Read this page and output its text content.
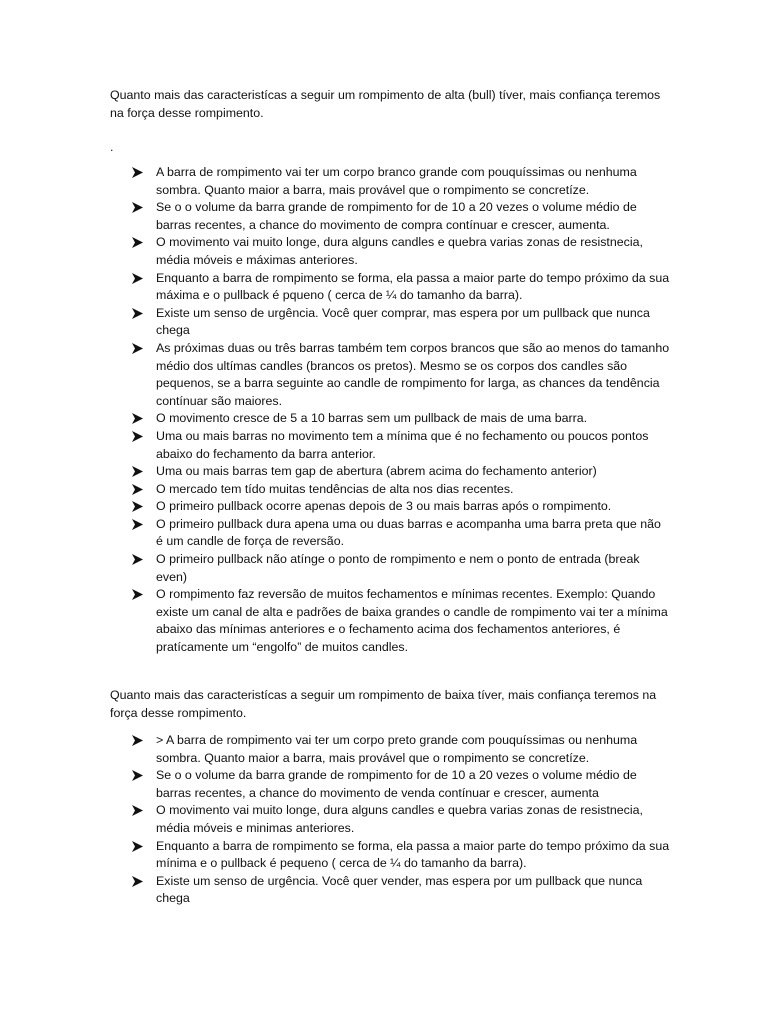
Quanto mais das caracteristícas a seguir um rompimento de alta (bull) tíver, mais confiança teremos na força desse rompimento.

.
A barra de rompimento vai ter um corpo branco grande com pouquíssimas ou nenhuma sombra. Quanto maior a barra, mais provável que o rompimento se concretíze.
Se o o volume da barra grande de rompimento for de 10 a 20 vezes o volume médio de barras recentes, a chance do movimento de compra contínuar e crescer, aumenta.
O movimento vai muito longe, dura alguns candles e quebra varias zonas de resistnecia, média móveis e máximas anteriores.
Enquanto a barra de rompimento se forma, ela passa a maior parte do tempo próximo da sua máxima e o pullback é pqueno ( cerca de ¼ do tamanho da barra).
Existe um senso de urgência. Você quer comprar, mas espera por um pullback que nunca chega
As próximas duas ou três barras também tem corpos brancos que são ao menos do tamanho médio dos ultímas candles (brancos os pretos). Mesmo se os corpos dos candles são pequenos, se a barra seguinte ao candle de rompimento for larga, as chances da tendência contínuar são maiores.
O movimento cresce de 5 a 10 barras sem um pullback de mais de uma barra.
Uma ou mais barras no movimento tem a mínima que é no fechamento ou poucos pontos abaixo do fechamento da barra anterior.
Uma ou mais barras tem gap de abertura (abrem acima do fechamento anterior)
O mercado tem tído muitas tendências de alta nos dias recentes.
O primeiro pullback ocorre apenas depois de 3 ou mais barras após o rompimento.
O primeiro pullback dura apena uma ou duas barras e acompanha uma barra preta que não é um candle de força de reversão.
O primeiro pullback não atínge o ponto de rompimento e nem o ponto de entrada (break even)
O rompimento faz reversão de muitos fechamentos e mínimas recentes. Exemplo: Quando existe um canal de alta e padrões de baixa grandes o candle de rompimento vai ter a mínima abaixo das mínimas anteriores e o fechamento acima dos fechamentos anteriores, é pratícamente um “engolfo” de muitos candles.

Quanto mais das caracteristícas a seguir um rompimento de baixa tíver, mais confiança teremos na força desse rompimento.

> A barra de rompimento vai ter um corpo preto grande com pouquíssimas ou nenhuma sombra. Quanto maior a barra, mais provável que o rompimento se concretíze.
Se o o volume da barra grande de rompimento for de 10 a 20 vezes o volume médio de barras recentes, a chance do movimento de venda contínuar e crescer, aumenta
O movimento vai muito longe, dura alguns candles e quebra varias zonas de resistnecia, média móveis e minimas anteriores.
Enquanto a barra de rompimento se forma, ela passa a maior parte do tempo próximo da sua mínima e o pullback é pequeno ( cerca de ¼ do tamanho da barra).
Existe um senso de urgência. Você quer vender, mas espera por um pullback que nunca chega
